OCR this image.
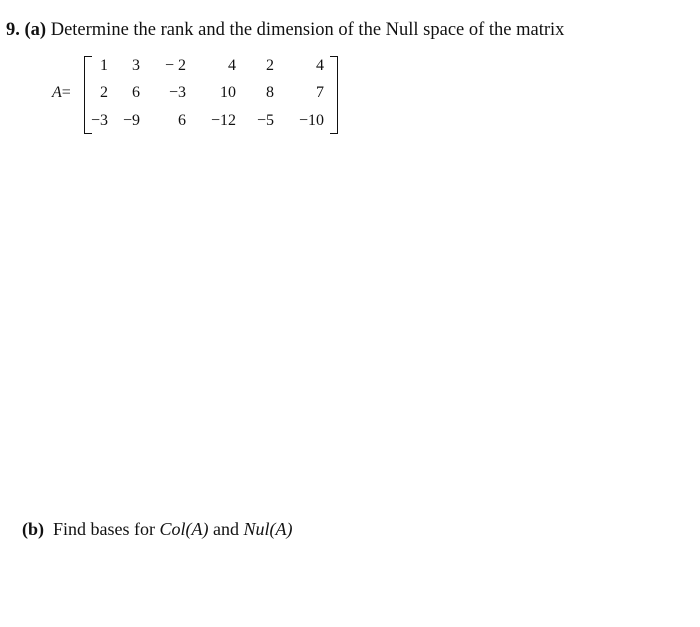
9. (a) Determine the rank and the dimension of the Null space of the matrix
A=
1 3 − 2	4 2	4
2 6 −3 10 8	7
−3 −9 6 −12 −5 −10
(b) Find bases for Col(A) and Nul(A)
